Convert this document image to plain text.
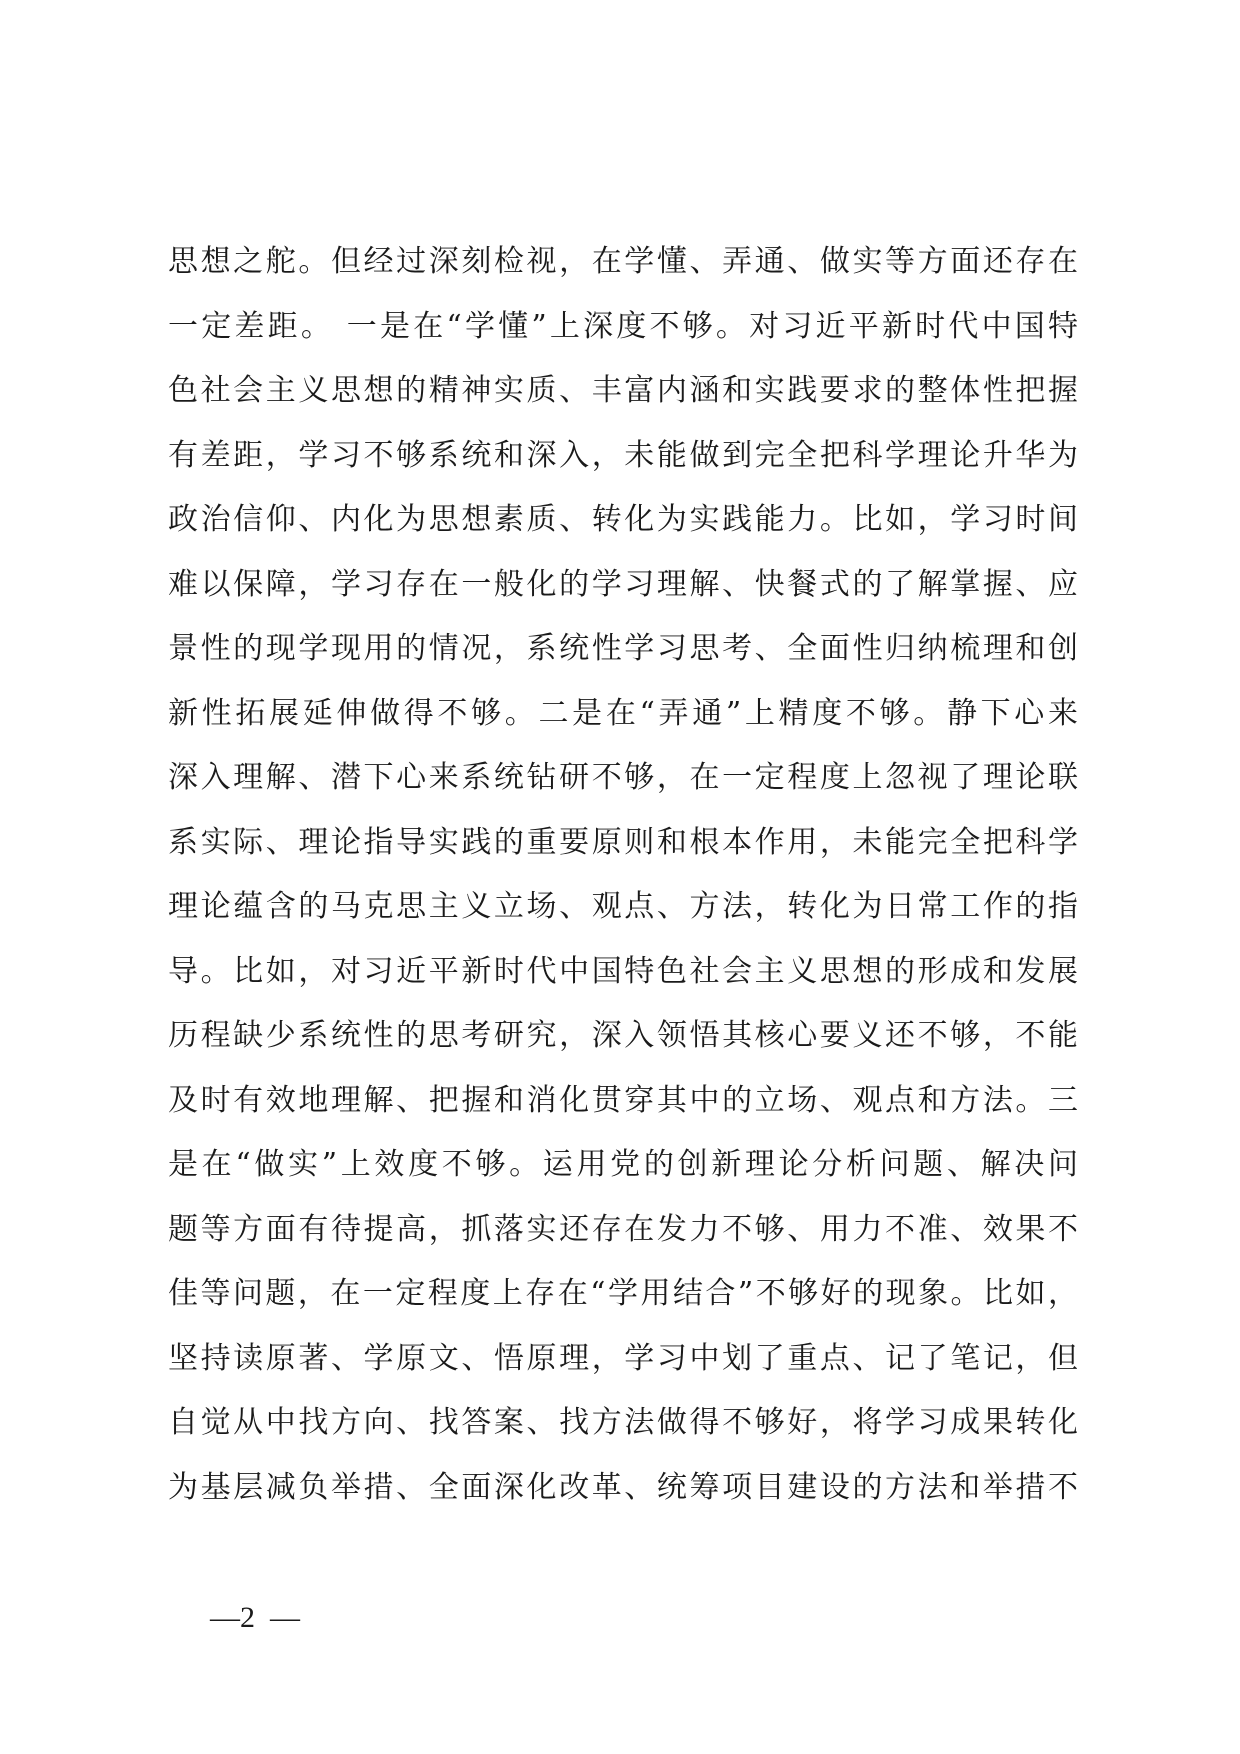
思想之舵。但经过深刻检视，在学懂、弄通、做实等方面还存在
一定差距。 一是在“学懂”上深度不够。对习近平新时代中国特
色社会主义思想的精神实质、丰富内涵和实践要求的整体性把握
有差距，学习不够系统和深入，未能做到完全把科学理论升华为
政治信仰、内化为思想素质、转化为实践能力。比如，学习时间
难以保障，学习存在一般化的学习理解、快餐式的了解掌握、应
景性的现学现用的情况，系统性学习思考、全面性归纳梳理和创
新性拓展延伸做得不够。二是在“弄通”上精度不够。静下心来
深入理解、潜下心来系统钻研不够，在一定程度上忽视了理论联
系实际、理论指导实践的重要原则和根本作用，未能完全把科学
理论蕴含的马克思主义立场、观点、方法，转化为日常工作的指
导。比如，对习近平新时代中国特色社会主义思想的形成和发展
历程缺少系统性的思考研究，深入领悟其核心要义还不够，不能
及时有效地理解、把握和消化贯穿其中的立场、观点和方法。三
是在“做实”上效度不够。运用党的创新理论分析问题、解决问
题等方面有待提高，抓落实还存在发力不够、用力不准、效果不
佳等问题，在一定程度上存在“学用结合”不够好的现象。比如，
坚持读原著、学原文、悟原理，学习中划了重点、记了笔记，但
自觉从中找方向、找答案、找方法做得不够好，将学习成果转化
为基层减负举措、全面深化改革、统筹项目建设的方法和举措不
—2  —
